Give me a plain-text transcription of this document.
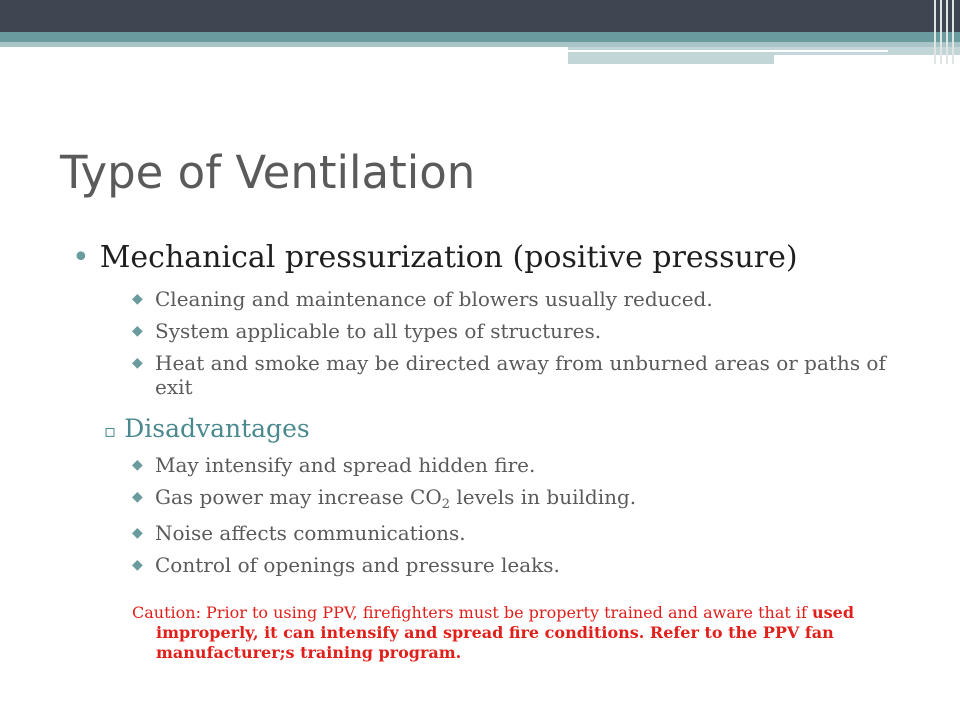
Type of Ventilation
• Mechanical pressurization (positive pressure)
◆ Cleaning and maintenance of blowers usually reduced.
◆ System applicable to all types of structures.
◆ Heat and smoke may be directed away from unburned areas or paths of exit
▫ Disadvantages
◆ May intensify and spread hidden fire.
◆ Gas power may increase $CO_2$ levels in building.
◆ Noise affects communications.
◆ Control of openings and pressure leaks.

Caution: Prior to using PPV, firefighters must be property trained and aware that if used improperly, it can intensify and spread fire conditions. Refer to the PPV fan manufacturer;s training program.
